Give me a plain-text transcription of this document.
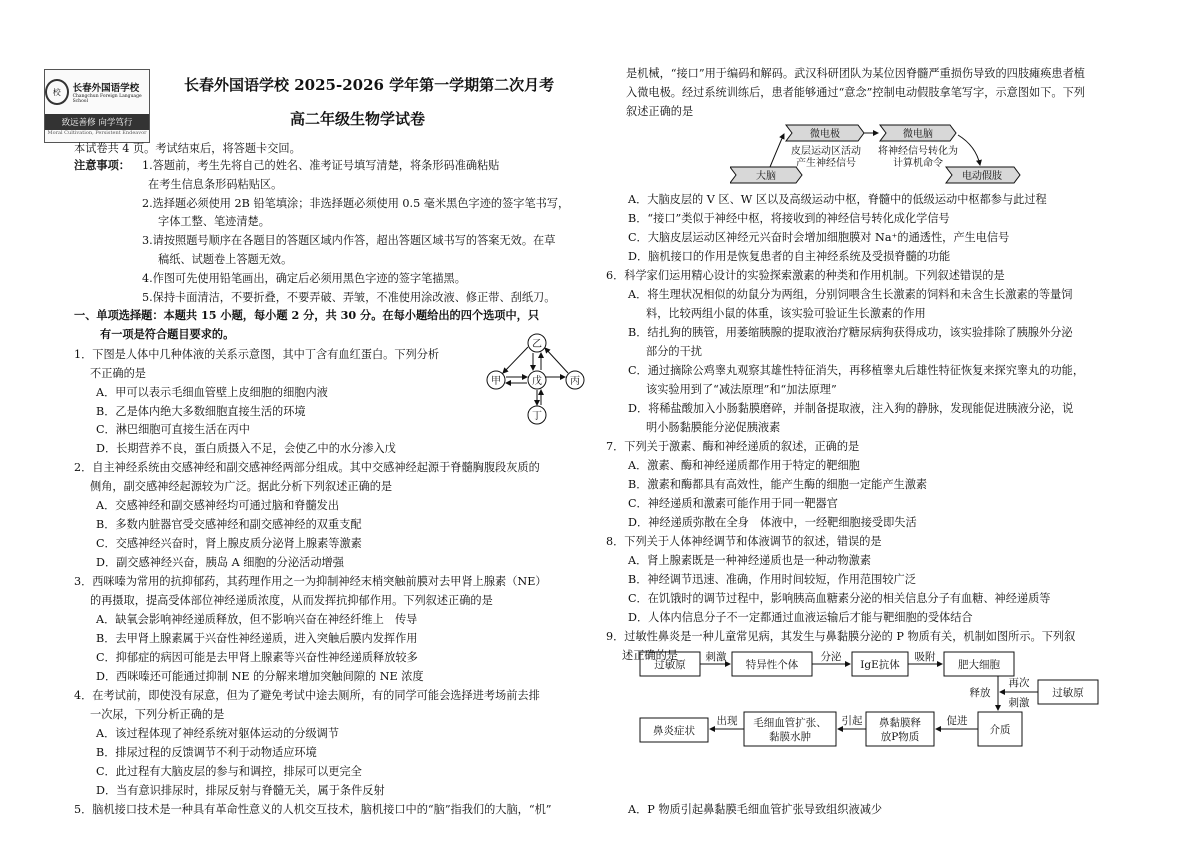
校	长春外国语学校
Changchun Foreign Language School
致远善修 向学笃行
Moral Cultivation, Persistent Endeavor
长春外国语学校 2025-2026 学年第一学期第二次月考
高二年级生物学试卷
本试卷共 4 页。考试结束后，将答题卡交回。
注意事项： 1.答题前，考生先将自己的姓名、准考证号填写清楚，将条形码准确粘贴
在考生信息条形码粘贴区。
2.选择题必须使用 2B 铅笔填涂；非选择题必须使用 0.5 毫米黑色字迹的签字笔书写，
字体工整、笔迹清楚。
3.请按照题号顺序在各题目的答题区域内作答，超出答题区域书写的答案无效。在草
稿纸、试题卷上答题无效。
4.作图可先使用铅笔画出，确定后必须用黑色字迹的签字笔描黑。
5.保持卡面清洁，不要折叠，不要弄破、弄皱，不准使用涂改液、修正带、刮纸刀。
一、单项选择题：本题共 15 小题，每小题 2 分，共 30 分。在每小题给出的四个选项中，只
有一项是符合题目要求的。
1．下图是人体中几种体液的关系示意图，其中丁含有血红蛋白。下列分析
不正确的是
A．甲可以表示毛细血管壁上皮细胞的细胞内液
B．乙是体内绝大多数细胞直接生活的环境
C．淋巴细胞可直接生活在丙中
D．长期营养不良，蛋白质摄入不足，会使乙中的水分渗入戊
2．自主神经系统由交感神经和副交感神经两部分组成。其中交感神经起源于脊髓胸腹段灰质的
侧角，副交感神经起源较为广泛。据此分析下列叙述正确的是
A．交感神经和副交感神经均可通过脑和脊髓发出
B．多数内脏器官受交感神经和副交感神经的双重支配
C．交感神经兴奋时，肾上腺皮质分泌肾上腺素等激素
D．副交感神经兴奋，胰岛 A 细胞的分泌活动增强
3．西咪嗪为常用的抗抑郁药，其药理作用之一为抑制神经末梢突触前膜对去甲肾上腺素（NE）
的再摄取，提高受体部位神经递质浓度，从而发挥抗抑郁作用。下列叙述正确的是
A．缺氧会影响神经递质释放，但不影响兴奋在神经纤维上　传导
B．去甲肾上腺素属于兴奋性神经递质，进入突触后膜内发挥作用
C．抑郁症的病因可能是去甲肾上腺素等兴奋性神经递质释放较多
D．西咪嗪还可能通过抑制 NE 的分解来增加突触间隙的 NE 浓度
4．在考试前，即使没有尿意，但为了避免考试中途去厕所，有的同学可能会选择进考场前去排
一次尿，下列分析正确的是
A．该过程体现了神经系统对躯体运动的分级调节
B．排尿过程的反馈调节不利于动物适应环境
C．此过程有大脑皮层的参与和调控，排尿可以更完全
D．当有意识排尿时，排尿反射与脊髓无关，属于条件反射
5．脑机接口技术是一种具有革命性意义的人机交互技术，脑机接口中的“脑”指我们的大脑，“机”
乙
甲	戊	丙
丁
是机械，“接口”用于编码和解码。武汉科研团队为某位因脊髓严重损伤导致的四肢瘫痪患者植
入微电极。经过系统训练后，患者能够通过“意念”控制电动假肢拿笔写字，示意图如下。下列
叙述正确的是
A．大脑皮层的 V 区、W 区以及高级运动中枢，脊髓中的低级运动中枢都参与此过程
B．“接口”类似于神经中枢，将接收到的神经信号转化成化学信号
C．大脑皮层运动区神经元兴奋时会增加细胞膜对 Na⁺的通透性，产生电信号
D．脑机接口的作用是恢复患者的自主神经系统及受损脊髓的功能
6．科学家们运用精心设计的实验探索激素的种类和作用机制。下列叙述错误的是
A．将生理状况相似的幼鼠分为两组，分别饲喂含生长激素的饲料和未含生长激素的等量饲
料，比较两组小鼠的体重，该实验可验证生长激素的作用
B．结扎狗的胰管，用萎缩胰腺的提取液治疗糖尿病狗获得成功，该实验排除了胰腺外分泌
部分的干扰
C．通过摘除公鸡睾丸观察其雄性特征消失，再移植睾丸后雄性特征恢复来探究睾丸的功能，
该实验用到了“减法原理”和“加法原理”
D．将稀盐酸加入小肠黏膜磨碎，并制备提取液，注入狗的静脉，发现能促进胰液分泌，说
明小肠黏膜能分泌促胰液素
7．下列关于激素、酶和神经递质的叙述，正确的是
A．激素、酶和神经递质都作用于特定的靶细胞
B．激素和酶都具有高效性，能产生酶的细胞一定能产生激素
C．神经递质和激素可能作用于同一靶器官
D．神经递质弥散在全身　体液中，一经靶细胞接受即失活
8．下列关于人体神经调节和体液调节的叙述，错误的是
A．肾上腺素既是一种神经递质也是一种动物激素
B．神经调节迅速、准确，作用时间较短，作用范围较广泛
C．在饥饿时的调节过程中，影响胰高血糖素分泌的相关信息分子有血糖、神经递质等
D．人体内信息分子不一定都通过血液运输后才能与靶细胞的受体结合
9．过敏性鼻炎是一种儿童常见病，其发生与鼻黏膜分泌的 P 物质有关，机制如图所示。下列叙
述正确的是
A．P 物质引起鼻黏膜毛细血管扩张导致组织液减少
微电极	微电脑
大脑	电动假肢
皮层运动区活动
产生神经信号
将神经信号转化为
计算机命令
过敏原	特异性个体	IgE抗体	肥大细胞
过敏原
介质
鼻黏膜释
放P物质
毛细血管扩张、
黏膜水肿
鼻炎症状
刺激	分泌	吸附
释放
再次
刺激
促进
引起
出现
